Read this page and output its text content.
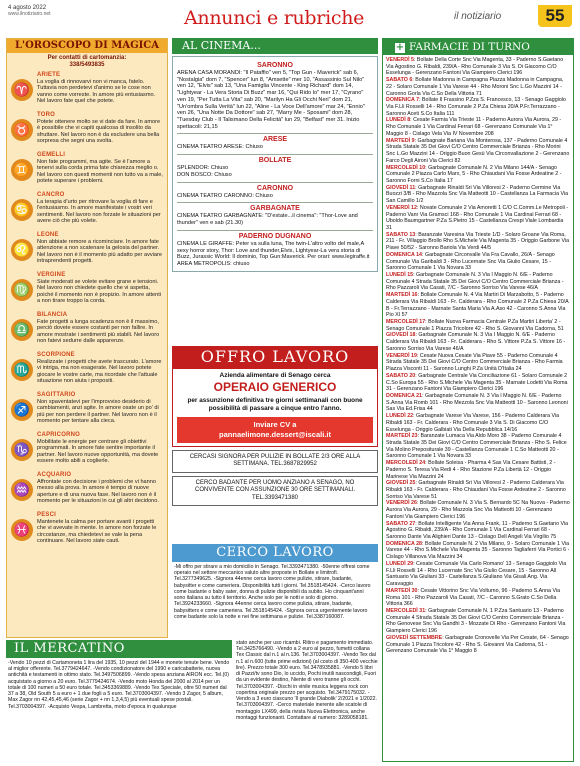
4 agosto 2022
www.ilnotiziario.net	Annunci e rubriche	il notiziario	55
L'OROSCOPO DI MAGICA
Per contatti di cartomanzia:
338/5493835
♈
ARIETE
La voglia di rinnovarvi non vi manca, fatelo. Tuttavia non perdetevi d'animo se le cose non vanno come vorreste. In amore più entusiasmo. Nel lavoro fate quel che potete.
♉
TORO
Potete ottenere molto se vi date da fare. In amore è possibile che vi capiti qualcosa di insolito da sfruttare. Nel lavoro non è da escludere una bella sorpresa che segni una svolta.
♊
GEMELLI
Non fate programmi, ma agite. Se è l'amore a tenervi sulla corda prima fate chiarezza meglio o. Nel lavoro con questi momenti non tutto va a male, potete superare i problemi.
♋
CANCRO
La terapia d'urto per ritrovare la voglia di fare e l'entusiasmo. In amore manifestate i vostri veri sentimenti. Nel lavoro non forzate le situazioni per avere ciò che più volete.
♌
LEONE
Non abbiate remore a ricominciare. In amore fate attenzione a non scatenare la gelosia del partner. Nel lavoro non è il momento più adatto per avviare intraprendenti progetti.
♍
VERGINE
Siate moderati se volete evitare grane e tensioni. Nel lavoro non chiedete quello che vi aspetta, poiché il momento non è propizio. In amore attenti a non tirare troppo la corda.
♎
BILANCIA
Fate progetti a lunga scadenza non è il massimo, perciò dovete essere costanti per non fallire. In amore mostrate i sentimenti più stabili. Nel lavoro non fatevi sedurre dalle apparenze.
♏
SCORPIONE
Realizzate i progetti che avete trascurato. L'amore vi intriga, ma non esagerate. Nel lavoro potete giocare le vostre carte, ma ricordate che l'attuale situazione non aiuta i propositi.
♐
SAGITTARIO
Non spaventatevi per l'improvviso desiderio di cambiamenti, anzi agite. In amore osate un po' di più per non perdere il partner. Nel lavoro non è il momento per tentare alla cieca.
♑
CAPRICORNO
Mobilitate le energie per centrare gli obiettivi programmati. In amore fate sentire importante il partner. Nel lavoro nuove opportunità, ma dovete essere molto abili a coglierle.
♒
ACQUARIO
Affrontate con decisione i problemi che vi hanno messo alla prova. In amore è tempo di nuove aperture e di una nuova fase. Nel lavoro non è il momento per le situazioni in cui gli altri decidono.
♓
PESCI
Mantenete la calma per portare avanti i progetti che vi avevate in mente. In amore non forzate le circostanze, ma chiedetevi se vale la pena continuare. Nel lavoro siate cauti.
IL MERCATINO
-Vendo 10 pezzi di Cartamoneta 1 lira del 1935, 10 pezzi del 1944 e monete tenute bene. Vendo al miglior offerente. Tel.3779424647. -Vendo condizionatore del 1990 e caricabatterie, nuova antichità e testamenti in ottimo stato. Tel.3497506899. -Vendo spesa anziana AIRON ecc. Tel.(0) acquistato a giorno a 20 euro. Tel.3779424674. -Vendo moto Honda del 2000 al 2014 per un totale di 100 numeri a 50 euro totale. Tel.3453369889. -Vendo Tex Speciale, oltre 50 numeri dal 37 a 38, Old South 5 a euro + 1 due fogli a 5 euro. Tel.3703004397. -Vendo 3 Zagor, 5 album, Max Zagor nn 42,45,45,46 (serie Zagor + nn 1,3,4,5) più eventuali spese postali. Tel.3703004397. -Acquisto Vespa, Lambretta, moto d'epoca in qualunque
stato anche per uso ricambi. Ritiro e pagamento immediato. Tel.3425766490. -Vendo a 2 euro al pezzo, fumetti collana Tex Classic dal n.1 al n.136. Tel.3703004397. -Vendo Tex dal n.1 al n.600 (tutte prime edizioni) (al costo di 350-400 vecchie lire). Prezzo totale 300 euro. Tel.3478935881. -Vendo 5 libri di Pazzi/tv sono Dio, lo uccido, Pochi inutili nascondigli, Fuori da un evidente destino, Niente di vero tranne gli occhi. Tel.3703004397. -Dischi in vinile musica leggera rock con copertina originale prezzo per acquisto. Tel.3479175032. -Vendo a 3 euro ciascuno 'Il grande Diabolik' 2/2021 e 1/2022. Tel.3703004397. -Cerco materiale inerente alle scatole di montaggio LX499, della rivista Nuova Elettronica, anche montaggi funzionanti. Contattare al numero: 3289058181.
AL CINEMA...
SARONNO
ARENA CASA MORANDI: "Il Pataffio" ven 5, "Top Gun - Maverick" sab 6, "Nostalgia" dom 7, "Spencer" lun 8, "Amsette" mer 10, "Assassinio Sul Nilo" ven 12, "Elvis" sab 13, "Una Famiglia Vincente - King Richard" dom 14, "Lightyear - La Vera Storia Di Buzz" mar 16, "Qui Rido Io" mer 17, "Cyrano" ven 19, "Per Tutta La Vita" sab 20, "Marilyn Ha Gli Occhi Neri" dom 21, "Un'ombra Sulla Verità" lun 22, "Aline - La Voce Dell'amore" mar 24, "Ennio" ven 26, "Una Notte Da Dottore" sab 27, "Marry Me - Sposami" dom 28, "Tuesday Club - Il Talismano Della Felicità" lun 29, "Belfast" mer 31. Inizio spettacoli: 21,15
ARESE
CINEMA TEATRO ARESE: Chiuso
BOLLATE
SPLENDOR: Chiuso
DON BOSCO: Chiuso
CARONNO
CINEMA TEATRO CARONNO: Chiuso
GARBAGNATE
CINEMA TEATRO GARBAGNATE: "D'estate...il cinema": "Thor-Love and thunder" ven e sab (21.30)
PADERNO DUGNANO
CINEMA LE GIRAFFE: Peter va sulla luna, The twin-L'altro volto del male,A sexy horror story, Thor: Love and thunder,Elvis, Lightyear-La vera storia di Buzz, Jurassic World: Il dominio, Top Gun:Maverick. Per orari: www.legiraffe.it
AREA METROPOLIS: chiuso
OFFRO LAVORO
Azienda alimentare di Senago cerca
OPERAIO GENERICO
per assunzione definitiva tre giorni settimanali con buone possibilità di passare a cinque entro l'anno.
Inviare CV a
pannaelimone.dessert@iscali.it
CERCASI SIGNORA PER PULIZIE IN BOLLATE 2/3 ORE ALLA SETTIMANA. TEL.3687829952
CERCO BADANTE PER UOMO ANZIANO A SENAGO, NO CONVIVENTE CON ASSUNZIONE 30 ORE SETTIMANALI. TEL.3393471380
CERCO LAVORO
-Mi offro per stirare a mio domicilio in Senago. Tel.3393471380. -50enne offresi come operaio nel settore meccanico valuto altre proposte in Bollate e limitrofi. Tel.3277349625. -Signora 44enne cerca lavoro come pulizie, stirare, badante, babysitter e come cameriera. Disponibilità tutti i giorni. Tel.3518145424. -Cerco lavoro come badante o baby sater, donna di pulizie disponibili da subito. Ho cinquant'anni sono italiana su tutto il territorio. Anche solo per le notti e solo di giorno. Tel.3924233660. -Signora 44enne cerca lavoro come pulizia, stirare, badante, babysitters e come cameriera. Tel.3518145424. -Signora cerca urgentemente lavoro come badante solo la notte e nei fine settimana e pulizie. Tel.3387160087.
+ FARMACIE DI TURNO
VENERDÌ 5: Bollate Della Corte Snc Via Magenta, 33 - Paderno S.Gaetano Via Agostino G. Ribaldi, 239/A - Rho Comunale 3 Via S. Di Giacomo C/O Esselunga - Gerenzano Fantoni Via Giampiero Clerici 196
SABATO 6: Bollate Madonna in Campagna Piazza Madonna in Campagna, 22 - Solaro Comunale 1 Via Varese 44 - Rho Moroni Snc L.Go Mazzini 14 - Caronno Gorla Via C.So Della Vittoria 71
DOMENICA 7: Bollate Il Frassino P.Zza S. Francesco, 13 - Senago Gaggiolo Via F.Lli Rosselli 14 - Rho Comunale 2 P.Za Chiesa 20/A P.Fr.Terrazzano - Saronno Aceti S.Co Italia 111
LUNEDÌ 8: Cesate Farmia Via Trieste 11 - Paderno Aurora Via Aurora, 29 - Rho Comunale 1 Via Cardinal Ferrari 68 - Gerenzano Comunale Via 1° Maggio 8 - Cislago Vela Via IV Novembre 208
MARTEDÌ 9: Garbagnate Bariana Via Monterosa, 137 - Paderno Comunale 4 Strada Statale 35 Dei Giovi C/O Centro Commerciale Brianza - Rho Morini Snc L.Go Mazzini 14 - Origgio Buon Gesù Via Circonvallazione 2 - Gerenzano Farco Degli Aironi Via Clerici 82
MERCOLEDÌ 10: Garbagnate Comunale N. 2 Via Milano 144/A - Senago Comunale 2 Piazza Carlo Marx, 5 - Rho Chiaudani Via Fosse Ardeatine 2 - Saronno Forni S.Co Italia 17
GIOVEDÌ 11: Garbagnate Rinaldi Sri Via Villoresi 2 - Paderno Cermine Via Buozzi 3/B - Rho Mazzola Snc Via Matteotti 10 - Castellanza La Farmacia Via San Camillo 1/2
VENERDÌ 12: Novate Comunale 2 Via Amoretti 1 C/O C.Comm.Le Metropoli - Paderno Vanr Via Gramsci 168 - Rho Comunale 1 Via Cardinal Ferrari 68 - Uboldo Baumgartner P.Za S.Pietro 15 - Castellanza Crespi Viale Lombardia 31
SABATO 13: Baranzate Varesina Via Trieste 1/D - Solaro Groane Via Roma, 211 - Fr. Villaggio Brollo Rho S.Michele Via Magenta 35 - Origgio Garbone Via Piave 50/52 - Saronno Bariola Via Verdi 44/5
DOMENICA 14: Garbagnate Circonvalle Via Fra Cavallo, 26/A - Senago Comunale Via Garibaldi 3 - Rho Lucernate Snc Via Giulio Cesare, 15 - Saronno Comunale 1 Via Novara 33
LUNEDÌ 15: Garbagnate Comunale N. 3 Via I Maggio N. 6/E - Paderno Comunale 4 Strada Statale 35 Dei Giovi C/O Centro Commerciale Brianza - Rho Pazzaroli Via Casati, 7/C - Saronno Sorriso Via Varese 46/A
MARTEDÌ 16: Bollate Comunale N. 4 Via Martiri Di Marzabotto, 5 - Paderno Calderara Via Ribaldi 163 - Fr. Calderara - Rho Comunale 2 P.Za Chiesa 20/A B - Fr.Terrazzano - Marnate Santa Maria Via A.Aso 42 - Caronno S.Anna Via Pio XI 57
MERCOLEDÌ 17: Bollate Nuova Farmacia Centrale P.Za Martiri Liberta' 2 - Senago Comunale 1 Piazza Tricolore 42 - Rho S. Giovanni Via Cadorna, 51
GIOVEDÌ 18: Garbagnate Comunale N. 3 Via I Maggio N. 6/E - Paderno Calderara Via Ribaldi 163 - Fr. Calderara - Rho S. Vittore P.Za S. Vittore 16 - Saronno Sorriso Via Varese 46/A
VENERDÌ 19: Cesate Nuova Cesate Via Piave 55 - Paderno Comunale 4 Strada Statale 35 Dei Giovi C/O Centro Commerciale Brianza - Rho Farmia Piazza Visconti 11 - Saronno Lunghi P.Za Unità D'Italia 24
SABATO 20: Garbagnate Centrale Via Conciliazione 61 - Solaro Comunale 2 C.So Europa 55 - Rho S.Michele Via Magenta 35 - Marnate Lodetti Via Roma 31 - Gerenzano Fantoni Via Giampiero Clerici 196
DOMENICA 21: Garbagnate Comunale N. 3 Via I Maggio N. 6/E - Paderno S.Anna Via Romb 101 - Rho Mezzola Snc Via Matteotti 10 - Saronno Leononi Sas Via Ed.Frisa 44
LUNEDÌ 22: Garbagnate Varese Via Varese, 156 - Paderno Calderara Via Ribaldi 163 - Fr. Calderara - Rho Comunale 3 Via S. Di Giacomo C/O Esselunga - Origgio Galbiati Via Della Repubblica 14/16
MARTEDÌ 23: Baranzate Lumaca Via Aldo Moro 38 - Paderno Comunale 4 Strada Statale 35 Dei Giovi C/O Centro Commerciale Brianza - Rho S. Felice Via Molino Prepositurale 39 - Castellanza Comunale 1 C.So Matteotti 20 - Saronno Comunale 1 Via Novara 33
MERCOLEDÌ 24: Bollate Soleisa - Pharma 4 Sas Via Cesare Battisti, 2 - Paderno S. Teresa Via Redi 4 - Rho Stazione P.Za Libertà 12 - Origgio Marinese Via Mazzini 24
GIOVEDÌ 25: Garbagnate Rinaldi Sri Via Villoresi 2 - Paderno Calderara Via Ribaldi 163 - Fr. Calderara - Rho Chiaudani Via Fosse Ardeatine 2 - Saronno Sorriso Via Varese 51
VENERDÌ 26: Bollate Comunale N. 3 Via S. Bernardo 5C Na Nuova - Paderno Aurora Via Aurora, 29 - Rho Mazzola Snc Via Matteotti 10 - Gerenzano Fantoni Via Giampiero Clerici 196
SABATO 27: Bollate Intelligente Via Anna Frank, 11 - Paderno S.Gaetano Via Agostino G. Ribaldi, 239/A - Rho Comunale 1 Via Cardinal Ferrari 68 - Saronno Dante Via Alighieri Dante 13 - Cislago Dell Angeli Via Virgilio 75
DOMENICA 28: Bollate Comunale N. 2 Via Milano, 9 - Solaro Comunale 1 Via Varese 44 - Rho S.Michele Via Magenta 35 - Saronno Tagliaferri Via Portici 6 - Cislago Villanova Via Mazzini 34
LUNEDÌ 29: Cesate Comunale Via Carlo Romano' 13 - Senago Gaggiolo Via F.Lli Rosselli 14 - Rho Lucernate Snc Via Giulio Cesare, 15 - Saronno All Santuario Via Giuliani 33 - Castellanza S.Giuliano Via Gisali Ang. Via Caravaggio
MARTEDÌ 30: Cesate Vittorino Snc Via Volturno, 96 - Paderno S.Anna Via Roma 101 - Rho Pazzaroli Via Casati, 7/C - Caronno S.Grato C.So Della Vittoria 366
MERCOLEDÌ 31: Garbagnate Comunale N. 1 P.Zza Santuario 13 - Paderno Comunale 4 Strada Statale 35 Dei Giovi C/O Centro Commerciale Brianza - Rho Genovese Snc Via Gandhi 3 - Mozzate Di Rho - Gerenzano Fantoni Via Giampiero Clerici 196
GIOVEDÌ SETTEMBRE: Garbagnate Cronovelle Via Per Cesate, 64 - Senago Comunale 1 Piazza Tricolore 42 - Rho S. Giovanni Via Cadorna, 51 - Gerenzano Comunale Via 1° Maggio 8
